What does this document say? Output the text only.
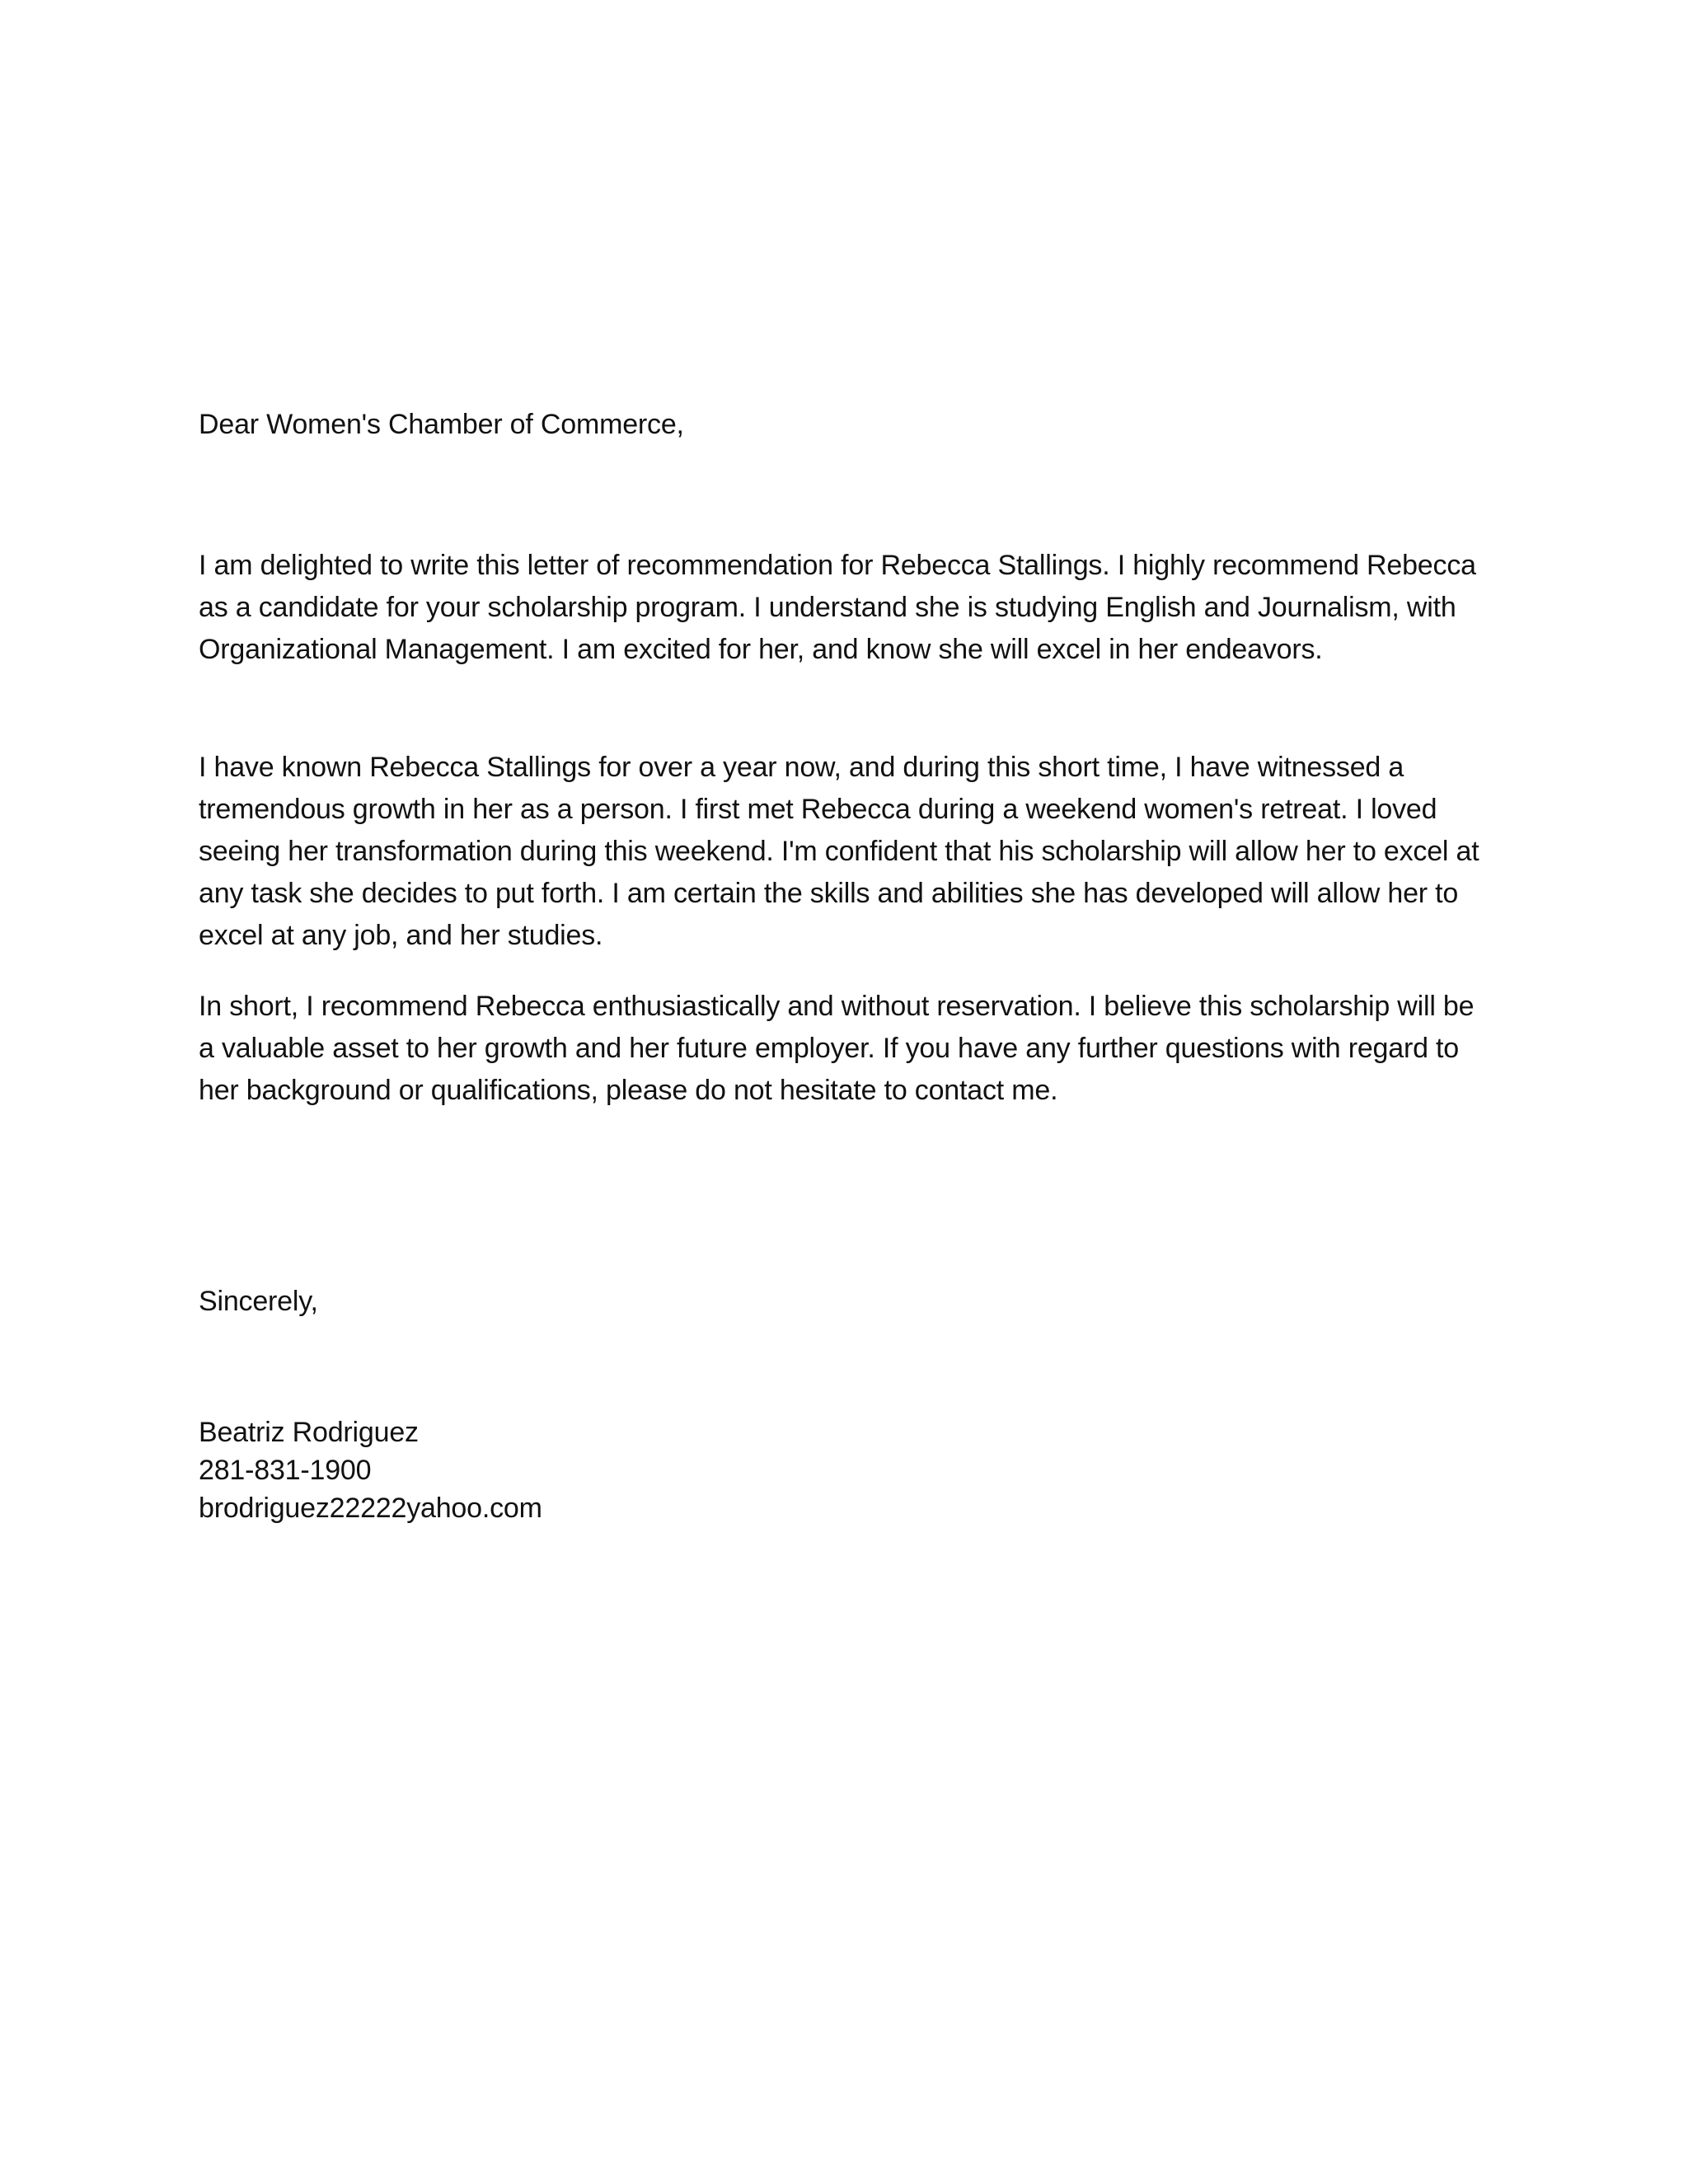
Dear Women's Chamber of Commerce,
I am delighted to write this letter of recommendation for Rebecca Stallings. I highly recommend Rebecca as a candidate for your scholarship program. I understand she is studying English and Journalism, with Organizational Management. I am excited for her, and know she will excel in her endeavors.
I have known Rebecca Stallings for over a year now, and during this short time, I have witnessed a tremendous growth in her as a person. I first met Rebecca during a weekend women's retreat. I loved seeing her transformation during this weekend. I'm confident that his scholarship will allow her to excel at any task she decides to put forth. I am certain the skills and abilities she has developed will allow her to excel at any job, and her studies.
In short, I recommend Rebecca enthusiastically and without reservation. I believe this scholarship will be a valuable asset to her growth and her future employer. If you have any further questions with regard to her background or qualifications, please do not hesitate to contact me.
Sincerely,
Beatriz Rodriguez
281-831-1900
brodriguez22222yahoo.com
